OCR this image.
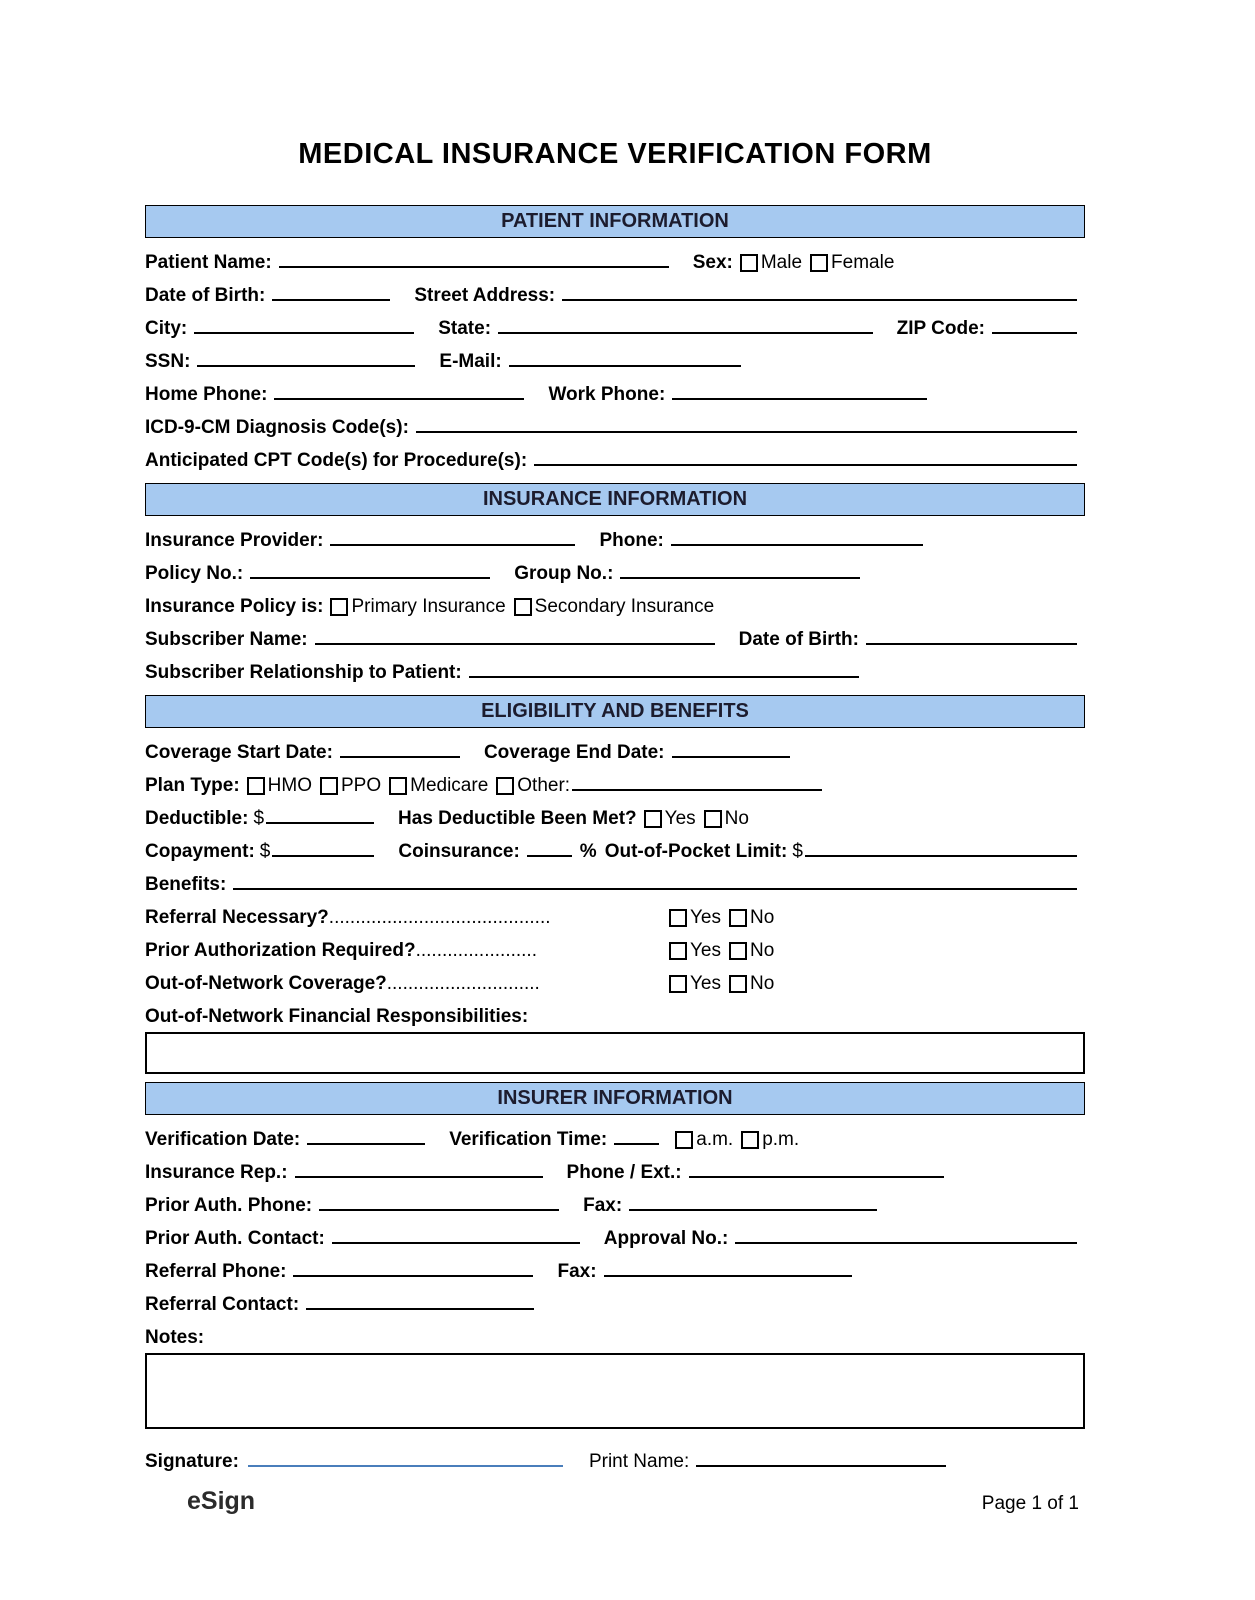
MEDICAL INSURANCE VERIFICATION FORM
PATIENT INFORMATION
Patient Name:	Sex: Male Female
Date of Birth:	Street Address:
City:	State:	ZIP Code:
SSN:	E-Mail:
Home Phone:	Work Phone:
ICD-9-CM Diagnosis Code(s):
Anticipated CPT Code(s) for Procedure(s):
INSURANCE INFORMATION
Insurance Provider:	Phone:
Policy No.:	Group No.:
Insurance Policy is: Primary Insurance Secondary Insurance
Subscriber Name:	Date of Birth:
Subscriber Relationship to Patient:
ELIGIBILITY AND BENEFITS
Coverage Start Date:	Coverage End Date:
Plan Type: HMO PPO Medicare Other:
Deductible: $	Has Deductible Been Met? Yes No
Copayment: $	Coinsurance:	% Out-of-Pocket Limit: $
Benefits:
Referral Necessary?..........................................	Yes No
Prior Authorization Required?.......................	Yes No
Out-of-Network Coverage?.............................	Yes No
Out-of-Network Financial Responsibilities:
INSURER INFORMATION
Verification Date:	Verification Time:	a.m. p.m.
Insurance Rep.:	Phone / Ext.:
Prior Auth. Phone:	Fax:
Prior Auth. Contact:	Approval No.:
Referral Phone:	Fax:
Referral Contact:
Notes:
Signature:	Print Name:
eSign	Page 1 of 1
